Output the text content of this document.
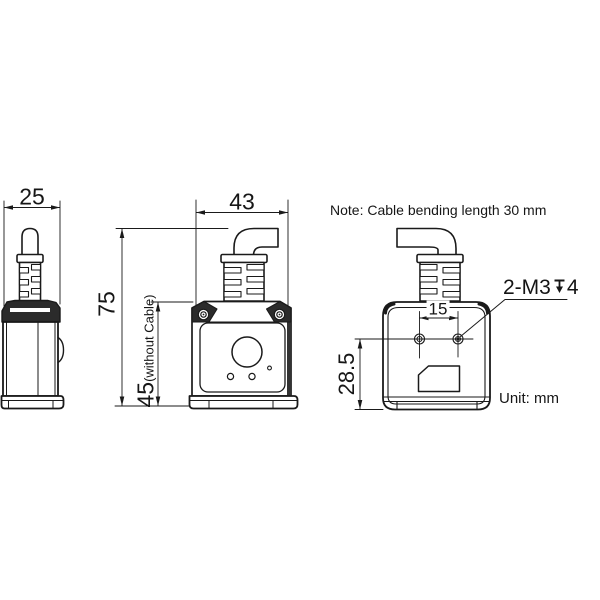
25	43
75
45(without Cable)	15
28.5
2-M3 4
Note: Cable bending length 30 mm
Unit: mm
